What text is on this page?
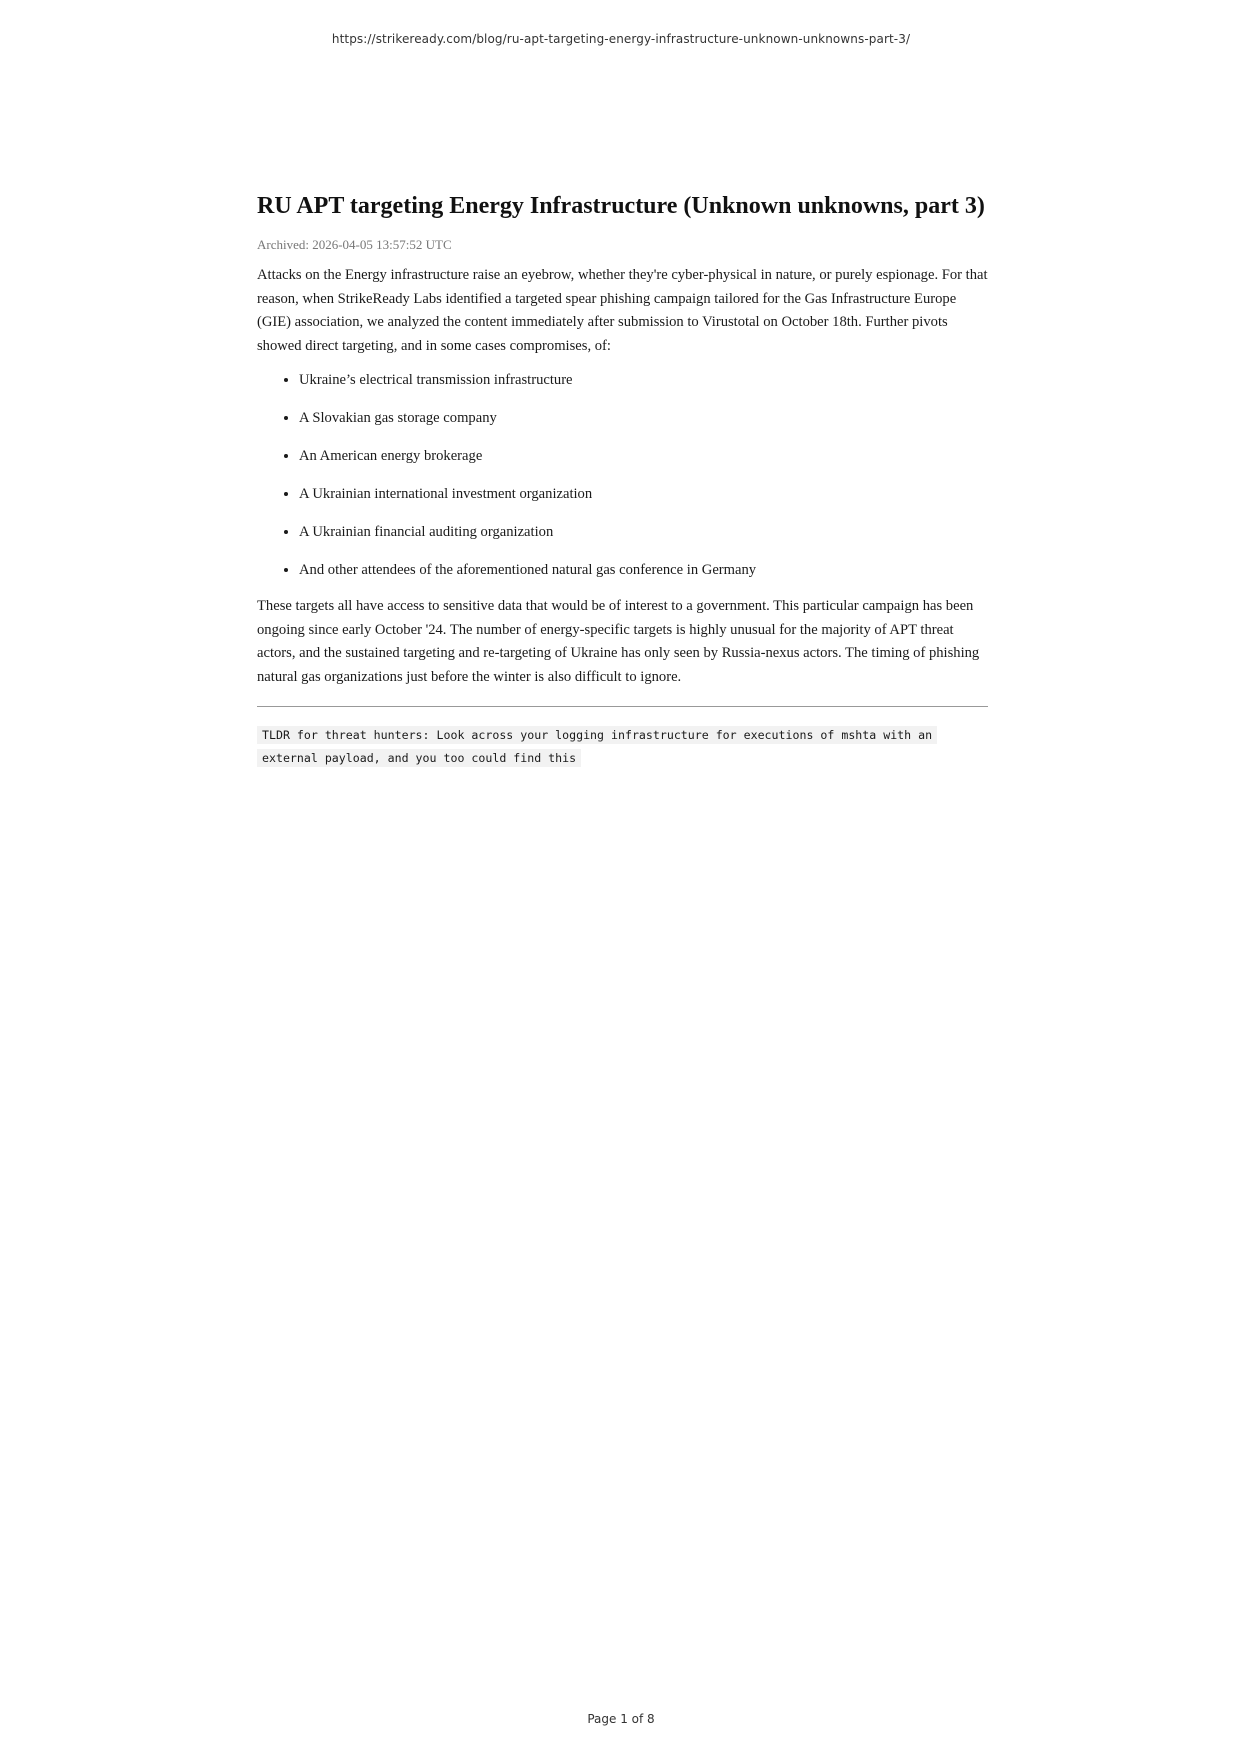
https://strikeready.com/blog/ru-apt-targeting-energy-infrastructure-unknown-unknowns-part-3/
RU APT targeting Energy Infrastructure (Unknown unknowns, part 3)
Archived: 2026-04-05 13:57:52 UTC

Attacks on the Energy infrastructure raise an eyebrow, whether they're cyber-physical in nature, or purely espionage. For that reason, when StrikeReady Labs identified a targeted spear phishing campaign tailored for the Gas Infrastructure Europe (GIE) association, we analyzed the content immediately after submission to Virustotal on October 18th. Further pivots showed direct targeting, and in some cases compromises, of:

• Ukraine’s electrical transmission infrastructure
• A Slovakian gas storage company
• An American energy brokerage
• A Ukrainian international investment organization
• A Ukrainian financial auditing organization
• And other attendees of the aforementioned natural gas conference in Germany

These targets all have access to sensitive data that would be of interest to a government. This particular campaign has been ongoing since early October '24. The number of energy-specific targets is highly unusual for the majority of APT threat actors, and the sustained targeting and re-targeting of Ukraine has only seen by Russia-nexus actors. The timing of phishing natural gas organizations just before the winter is also difficult to ignore.

TLDR for threat hunters: Look across your logging infrastructure for executions of mshta with an external payload, and you too could find this
Page 1 of 8
